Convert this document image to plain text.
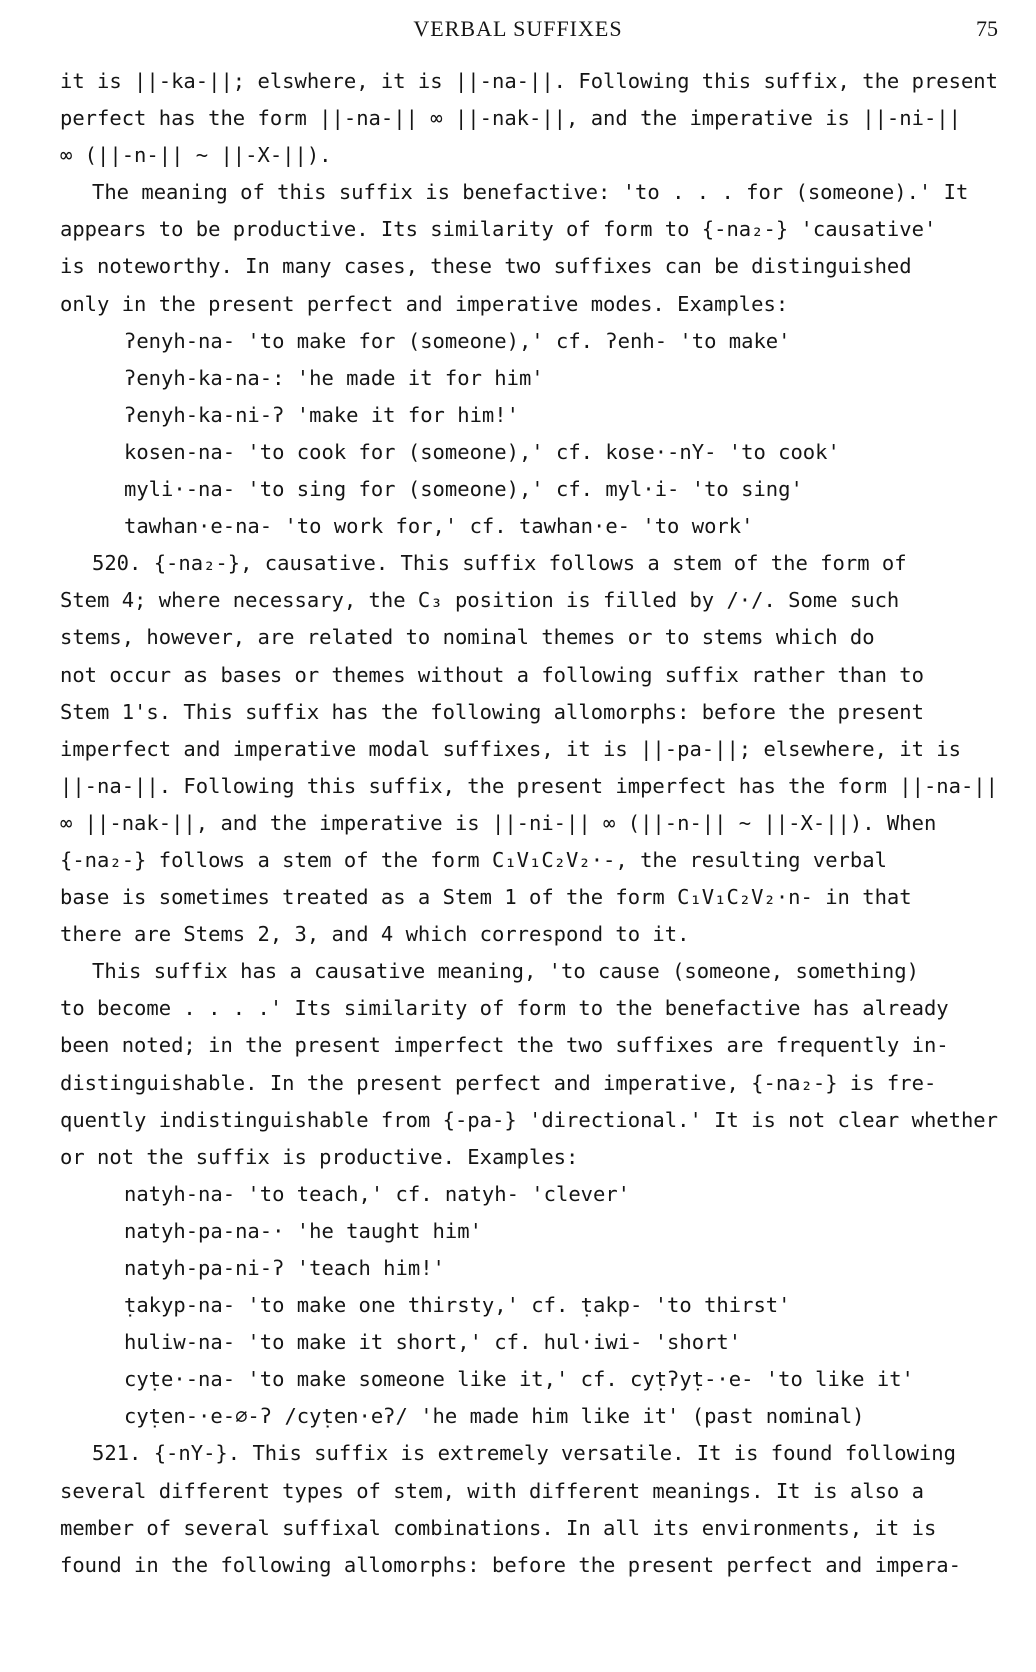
VERBAL SUFFIXES	75
it is ||-ka-||; elswhere, it is ||-na-||. Following this suffix, the present
perfect has the form ||-na-|| ∞ ||-nak-||, and the imperative is ||-ni-||
∞ (||-n-|| ~ ||-X-||).
The meaning of this suffix is benefactive: 'to . . . for (someone).' It
appears to be productive. Its similarity of form to {-na₂-} 'causative'
is noteworthy. In many cases, these two suffixes can be distinguished
only in the present perfect and imperative modes. Examples:
ʔenyh-na- 'to make for (someone),' cf. ʔenh- 'to make'
ʔenyh-ka-na-: 'he made it for him'
ʔenyh-ka-ni-ʔ 'make it for him!'
kosen-na- 'to cook for (someone),' cf. kose·-nY- 'to cook'
myli·-na- 'to sing for (someone),' cf. myl·i- 'to sing'
tawhan·e-na- 'to work for,' cf. tawhan·e- 'to work'
520. {-na₂-}, causative. This suffix follows a stem of the form of
Stem 4; where necessary, the C₃ position is filled by /·/. Some such
stems, however, are related to nominal themes or to stems which do
not occur as bases or themes without a following suffix rather than to
Stem 1's. This suffix has the following allomorphs: before the present
imperfect and imperative modal suffixes, it is ||-pa-||; elsewhere, it is
||-na-||. Following this suffix, the present imperfect has the form ||-na-||
∞ ||-nak-||, and the imperative is ||-ni-|| ∞ (||-n-|| ~ ||-X-||). When
{-na₂-} follows a stem of the form C₁V₁C₂V₂·-, the resulting verbal
base is sometimes treated as a Stem 1 of the form C₁V₁C₂V₂·n- in that
there are Stems 2, 3, and 4 which correspond to it.
This suffix has a causative meaning, 'to cause (someone, something)
to become . . . .' Its similarity of form to the benefactive has already
been noted; in the present imperfect the two suffixes are frequently in-
distinguishable. In the present perfect and imperative, {-na₂-} is fre-
quently indistinguishable from {-pa-} 'directional.' It is not clear whether
or not the suffix is productive. Examples:
natyh-na- 'to teach,' cf. natyh- 'clever'
natyh-pa-na-· 'he taught him'
natyh-pa-ni-ʔ 'teach him!'
ṭakyp-na- 'to make one thirsty,' cf. ṭakp- 'to thirst'
huliw-na- 'to make it short,' cf. hul·iwi- 'short'
cyṭe·-na- 'to make someone like it,' cf. cyṭʔyṭ-·e- 'to like it'
cyṭen-·e-∅-ʔ /cyṭen·eʔ/ 'he made him like it' (past nominal)
521. {-nY-}. This suffix is extremely versatile. It is found following
several different types of stem, with different meanings. It is also a
member of several suffixal combinations. In all its environments, it is
found in the following allomorphs: before the present perfect and impera-
